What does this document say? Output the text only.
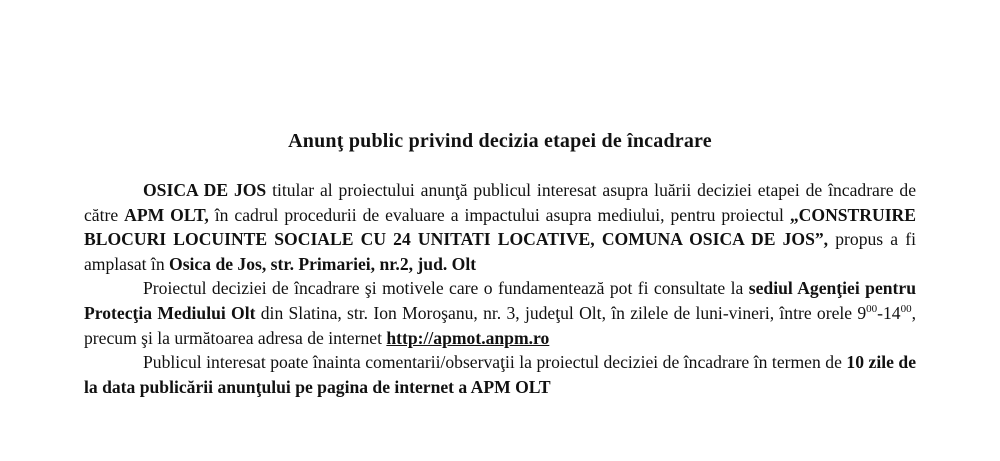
Anunţ public privind decizia etapei de încadrare

OSICA DE JOS titular al proiectului anunţă publicul interesat asupra luării deciziei etapei de încadrare de către APM OLT, în cadrul procedurii de evaluare a impactului asupra mediului, pentru proiectul „CONSTRUIRE BLOCURI LOCUINTE SOCIALE CU 24 UNITATI LOCATIVE, COMUNA OSICA DE JOS”, propus a fi amplasat în Osica de Jos, str. Primariei, nr.2, jud. Olt

Proiectul deciziei de încadrare şi motivele care o fundamentează pot fi consultate la sediul Agenţiei pentru Protecţia Mediului Olt din Slatina, str. Ion Moroşanu, nr. 3, judeţul Olt, în zilele de luni-vineri, între orele $9^{00}-14^{00}$, precum şi la următoarea adresa de internet http://apmot.anpm.ro

Publicul interesat poate înainta comentarii/observaţii la proiectul deciziei de încadrare în termen de 10 zile de la data publicării anunţului pe pagina de internet a APM OLT
